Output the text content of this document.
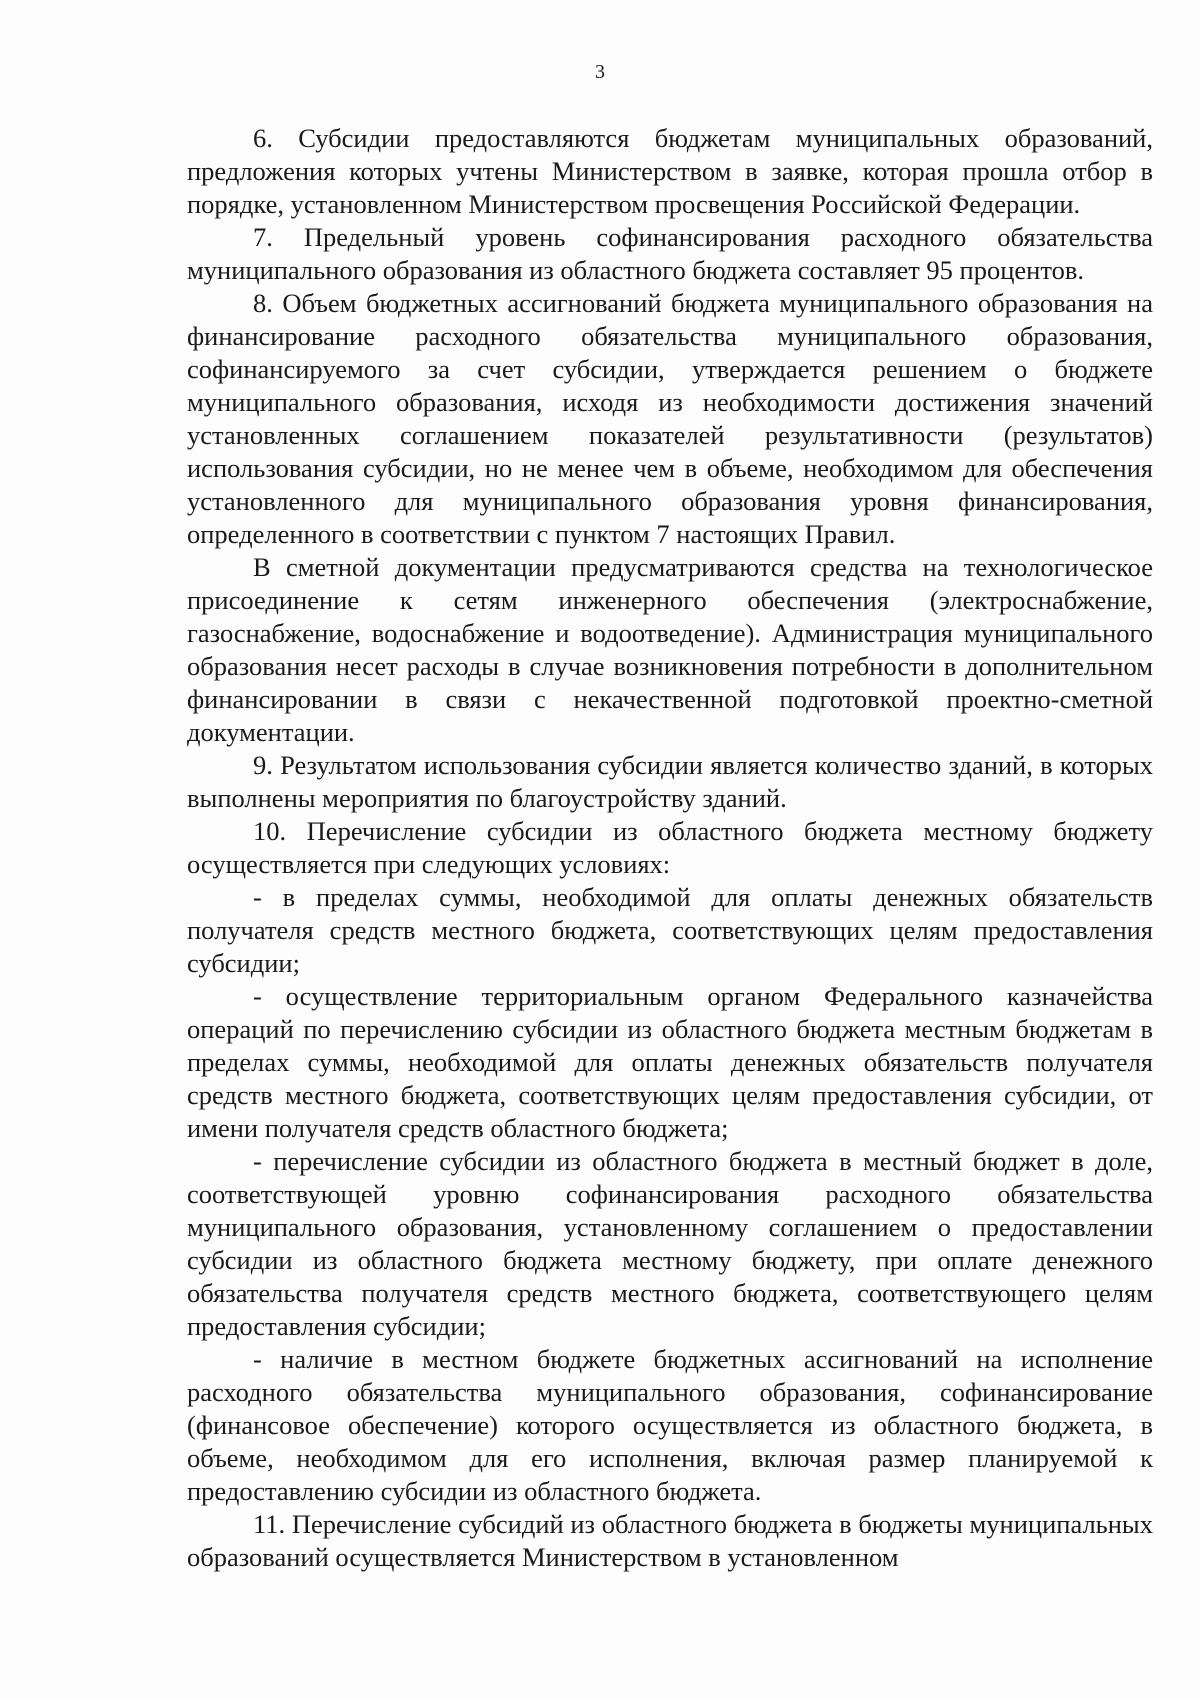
3

6. Субсидии предоставляются бюджетам муниципальных образований, предложения которых учтены Министерством в заявке, которая прошла отбор в порядке, установленном Министерством просвещения Российской Федерации.

7. Предельный уровень софинансирования расходного обязательства муниципального образования из областного бюджета составляет 95 процентов.

8. Объем бюджетных ассигнований бюджета муниципального образования на финансирование расходного обязательства муниципального образования, софинансируемого за счет субсидии, утверждается решением о бюджете муниципального образования, исходя из необходимости достижения значений установленных соглашением показателей результативности (результатов) использования субсидии, но не менее чем в объеме, необходимом для обеспечения установленного для муниципального образования уровня финансирования, определенного в соответствии с пунктом 7 настоящих Правил.

В сметной документации предусматриваются средства на технологическое присоединение к сетям инженерного обеспечения (электроснабжение, газоснабжение, водоснабжение и водоотведение). Администрация муниципального образования несет расходы в случае возникновения потребности в дополнительном финансировании в связи с некачественной подготовкой проектно-сметной документации.

9. Результатом использования субсидии является количество зданий, в которых выполнены мероприятия по благоустройству зданий.

10. Перечисление субсидии из областного бюджета местному бюджету осуществляется при следующих условиях:

- в пределах суммы, необходимой для оплаты денежных обязательств получателя средств местного бюджета, соответствующих целям предоставления субсидии;

- осуществление территориальным органом Федерального казначейства операций по перечислению субсидии из областного бюджета местным бюджетам в пределах суммы, необходимой для оплаты денежных обязательств получателя средств местного бюджета, соответствующих целям предоставления субсидии, от имени получателя средств областного бюджета;

- перечисление субсидии из областного бюджета в местный бюджет в доле, соответствующей уровню софинансирования расходного обязательства муниципального образования, установленному соглашением о предоставлении субсидии из областного бюджета местному бюджету, при оплате денежного обязательства получателя средств местного бюджета, соответствующего целям предоставления субсидии;

- наличие в местном бюджете бюджетных ассигнований на исполнение расходного обязательства муниципального образования, софинансирование (финансовое обеспечение) которого осуществляется из областного бюджета, в объеме, необходимом для его исполнения, включая размер планируемой к предоставлению субсидии из областного бюджета.

11. Перечисление субсидий из областного бюджета в бюджеты муниципальных образований осуществляется Министерством в установленном
